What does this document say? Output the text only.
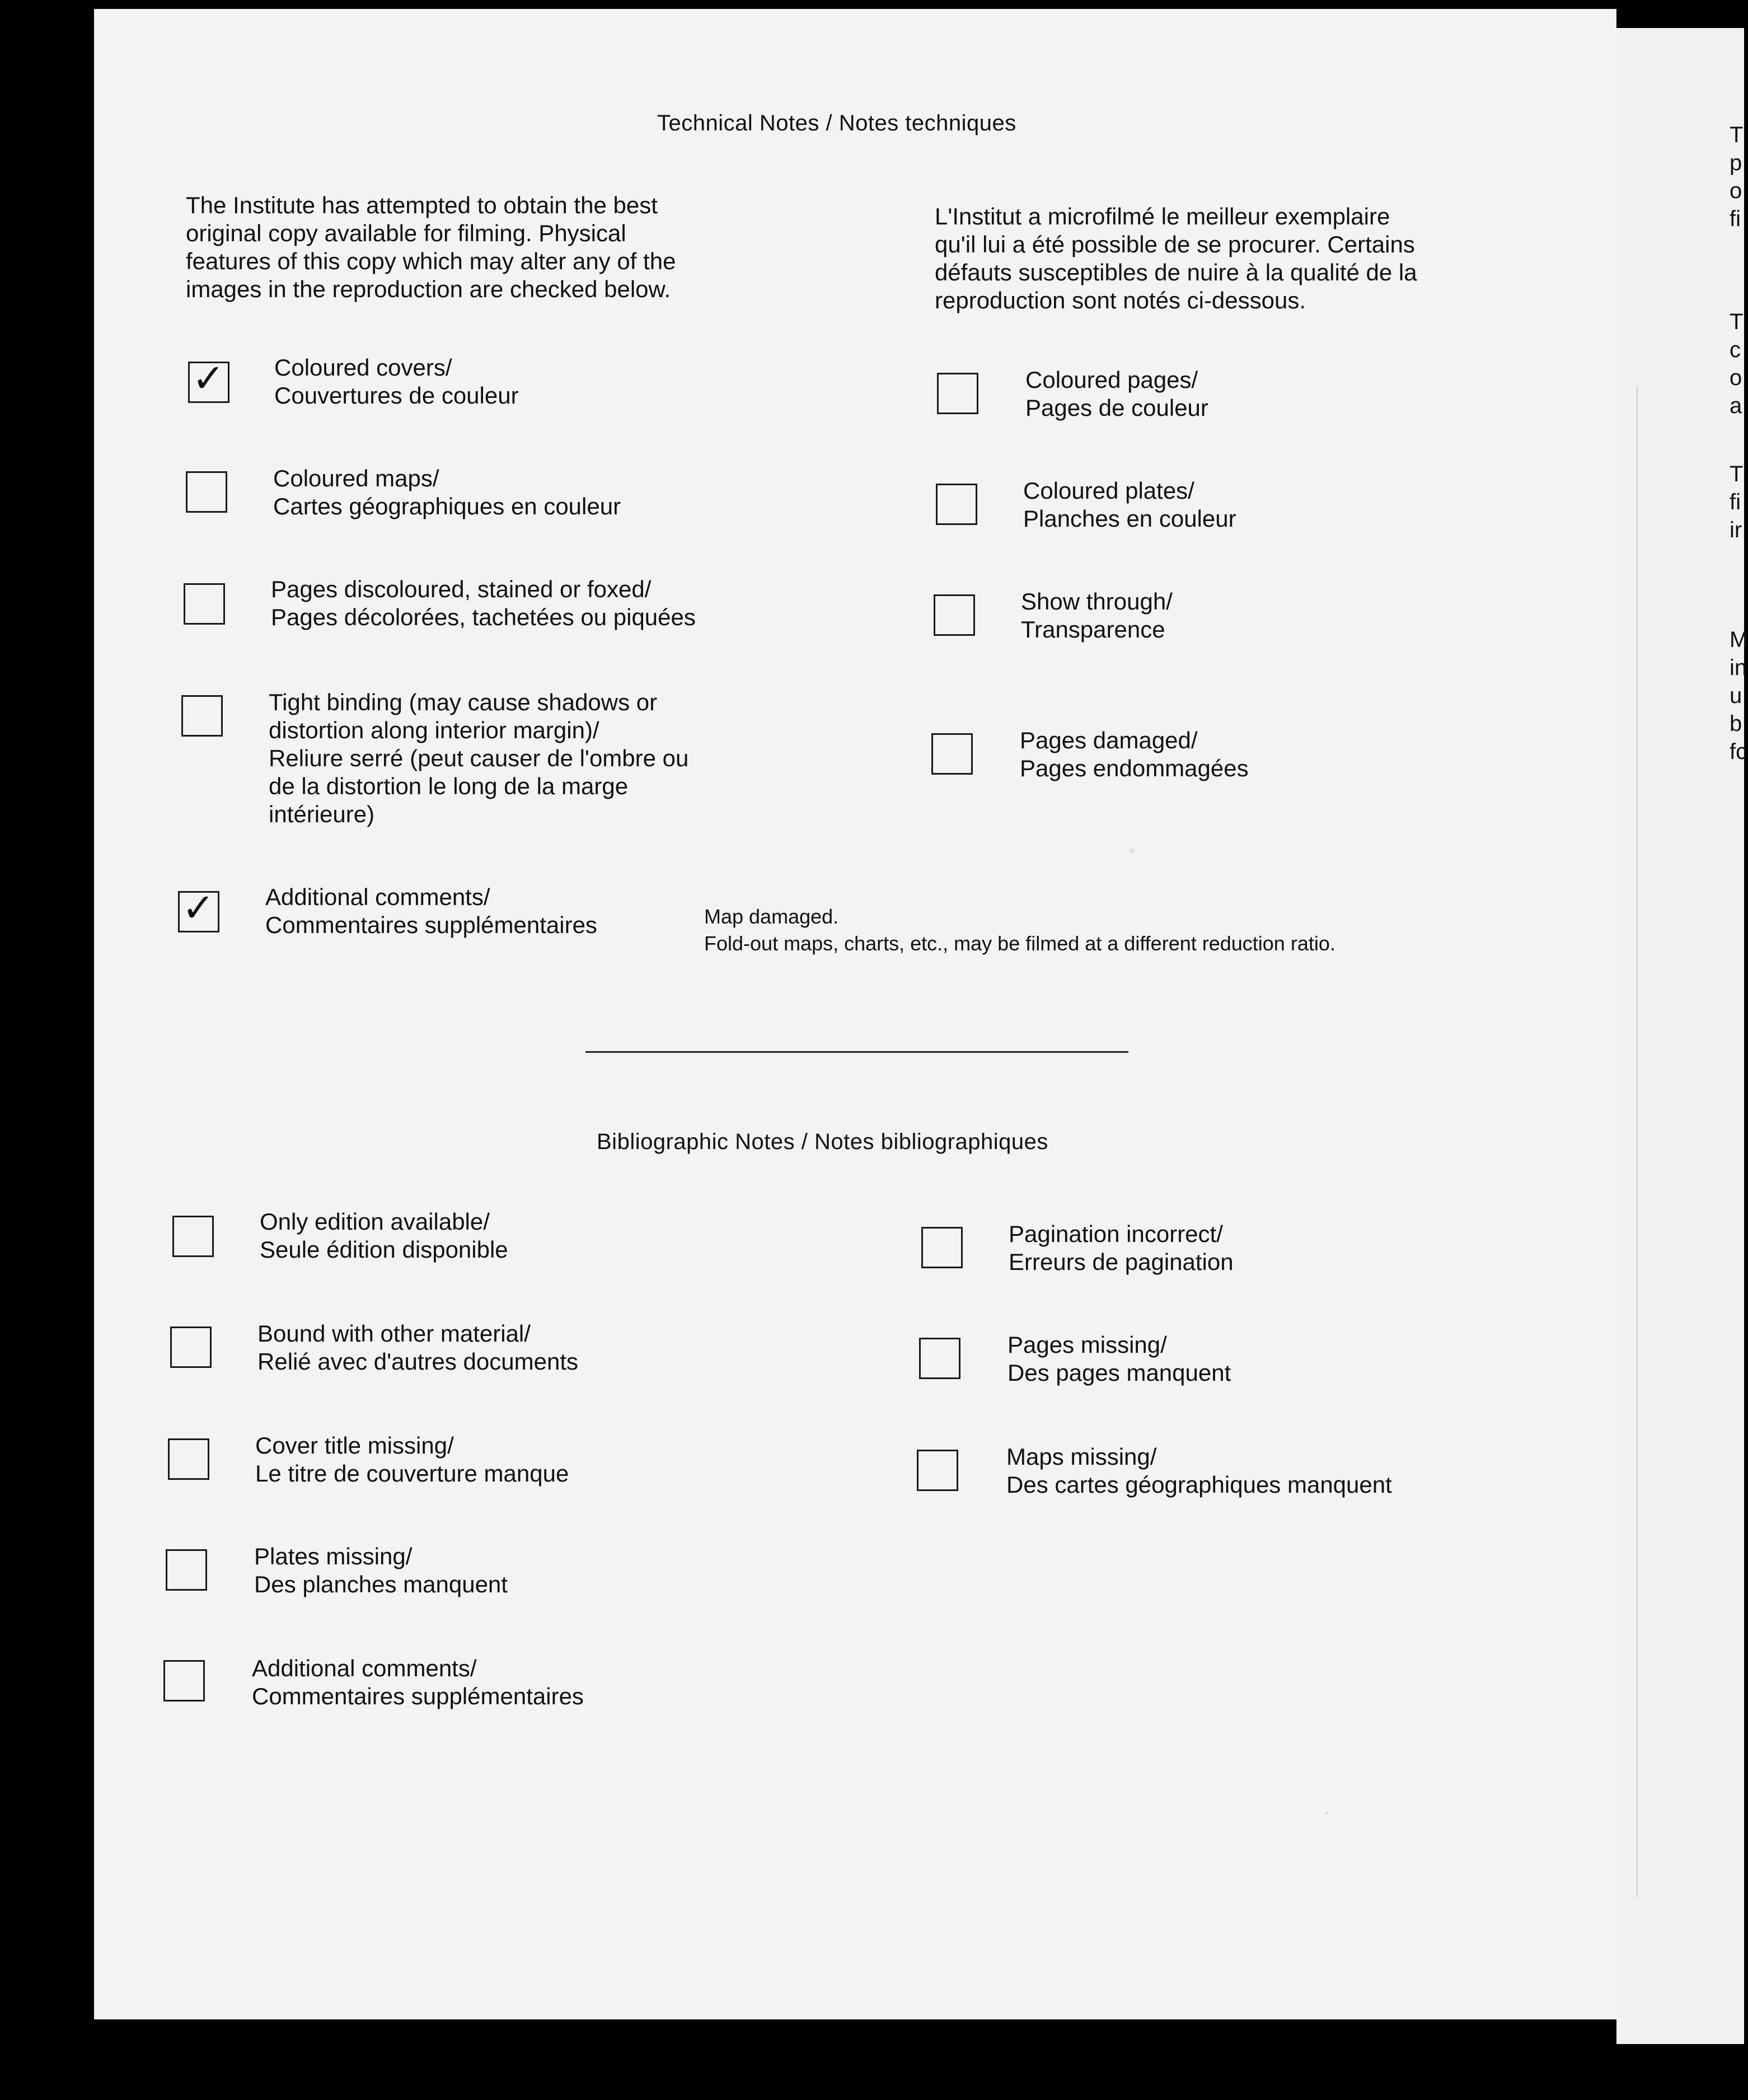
Technical Notes / Notes techniques
The Institute has attempted to obtain the best
original copy available for filming. Physical
features of this copy which may alter any of the
images in the reproduction are checked below.
L'Institut a microfilmé le meilleur exemplaire
qu'il lui a été possible de se procurer. Certains
défauts susceptibles de nuire à la qualité de la
reproduction sont notés ci-dessous.
✓ Coloured covers/
Couvertures de couleur
Coloured maps/
Cartes géographiques en couleur
Pages discoloured, stained or foxed/
Pages décolorées, tachetées ou piquées
Tight binding (may cause shadows or
distortion along interior margin)/
Reliure serré (peut causer de l'ombre ou
de la distortion le long de la marge
intérieure)
✓ Additional comments/
Commentaires supplémentaires	Map damaged.
Fold-out maps, charts, etc., may be filmed at a different reduction ratio.
Coloured pages/
Pages de couleur
Coloured plates/
Planches en couleur
Show through/
Transparence
Pages damaged/
Pages endommagées
Bibliographic Notes / Notes bibliographiques
Only edition available/
Seule édition disponible
Bound with other material/
Relié avec d'autres documents
Cover title missing/
Le titre de couverture manque
Plates missing/
Des planches manquent
Additional comments/
Commentaires supplémentaires
Pagination incorrect/
Erreurs de pagination
Pages missing/
Des pages manquent
Maps missing/
Des cartes géographiques manquent
T
p
o
fi
T
c
o
a
T
fi
ir
M
in
u
b
fc
